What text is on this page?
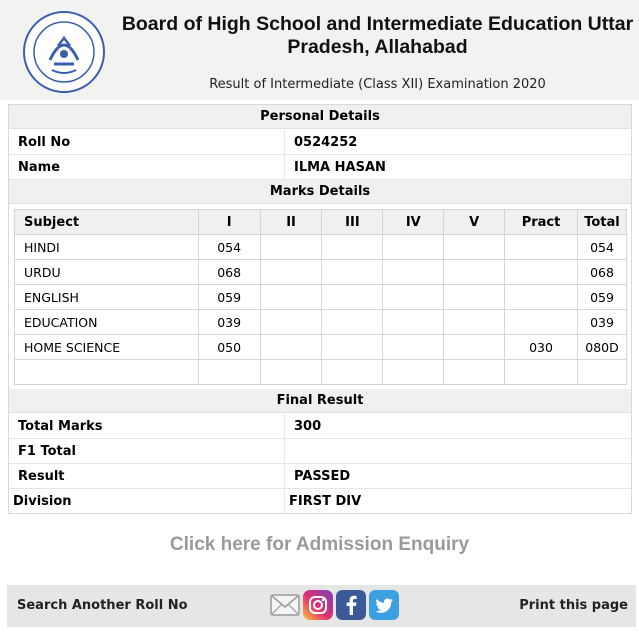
Board of High School and Intermediate Education Uttar Pradesh, Allahabad
Result of Intermediate (Class XII) Examination 2020
Personal Details
Roll No	0524252
Name	ILMA HASAN
Marks Details
Subject	I	II	III	IV	V	Pract	Total
HINDI	054						054
URDU	068						068
ENGLISH	059						059
EDUCATION	039						039
HOME SCIENCE	050					030	080D

Final Result
Total Marks	300
F1 Total
Result	PASSED
Division	FIRST DIV
Click here for Admission Enquiry
Search Another Roll No	Print this page
